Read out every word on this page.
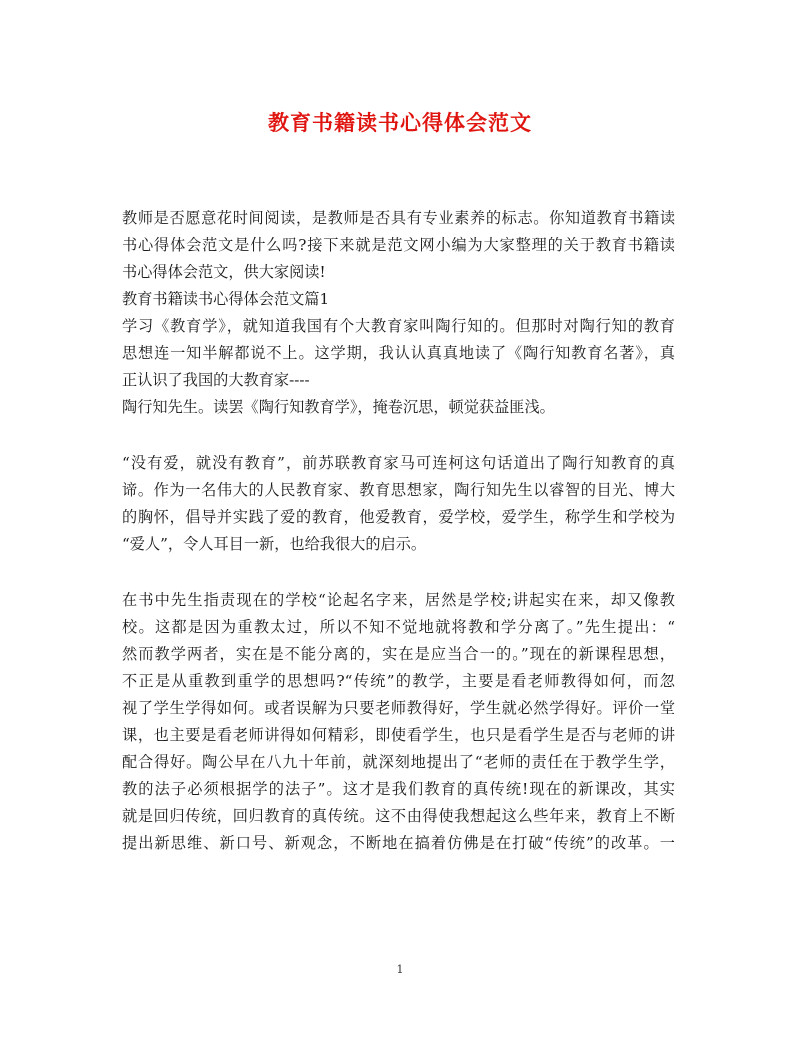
教育书籍读书心得体会范文
教师是否愿意花时间阅读，是教师是否具有专业素养的标志。你知道教育书籍读
书心得体会范文是什么吗?接下来就是范文网小编为大家整理的关于教育书籍读
书心得体会范文，供大家阅读!
教育书籍读书心得体会范文篇1
学习《教育学》，就知道我国有个大教育家叫陶行知的。但那时对陶行知的教育
思想连一知半解都说不上。这学期，我认认真真地读了《陶行知教育名著》，真
正认识了我国的大教育家----
陶行知先生。读罢《陶行知教育学》，掩卷沉思，顿觉获益匪浅。
“没有爱，就没有教育”，前苏联教育家马可连柯这句话道出了陶行知教育的真
谛。作为一名伟大的人民教育家、教育思想家，陶行知先生以睿智的目光、博大
的胸怀，倡导并实践了爱的教育，他爱教育，爱学校，爱学生，称学生和学校为
“爱人”，令人耳目一新，也给我很大的启示。
在书中先生指责现在的学校“论起名字来，居然是学校;讲起实在来，却又像教
校。这都是因为重教太过，所以不知不觉地就将教和学分离了。”先生提出：“
然而教学两者，实在是不能分离的，实在是应当合一的。”现在的新课程思想，
不正是从重教到重学的思想吗?“传统”的教学，主要是看老师教得如何，而忽
视了学生学得如何。或者误解为只要老师教得好，学生就必然学得好。评价一堂
课，也主要是看老师讲得如何精彩，即使看学生，也只是看学生是否与老师的讲
配合得好。陶公早在八九十年前，就深刻地提出了“老师的责任在于教学生学，
教的法子必须根据学的法子”。这才是我们教育的真传统!现在的新课改，其实
就是回归传统，回归教育的真传统。这不由得使我想起这么些年来，教育上不断
提出新思维、新口号、新观念，不断地在搞着仿佛是在打破“传统”的改革。一
1
